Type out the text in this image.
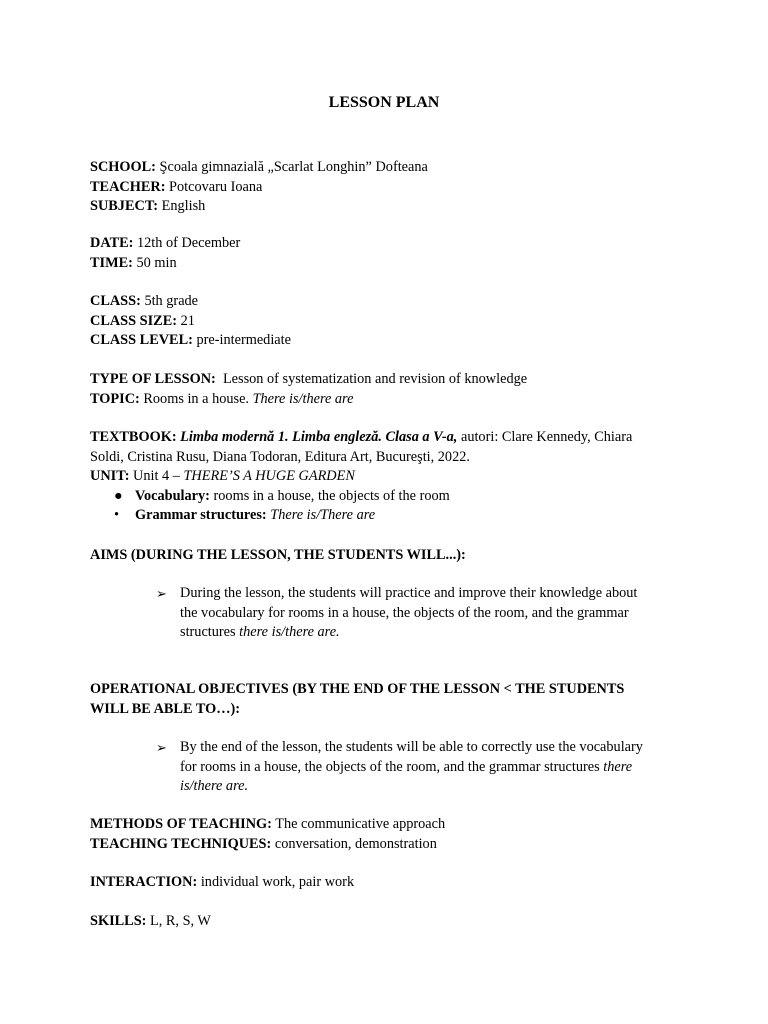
LESSON PLAN
SCHOOL: Şcoala gimnazială „Scarlat Longhin” Dofteana
TEACHER: Potcovaru Ioana
SUBJECT: English
DATE: 12th of December
TIME: 50 min
CLASS: 5th grade
CLASS SIZE: 21
CLASS LEVEL: pre-intermediate
TYPE OF LESSON: Lesson of systematization and revision of knowledge
TOPIC: Rooms in a house. There is/there are
TEXTBOOK: Limba modernă 1. Limba engleză. Clasa a V-a, autori: Clare Kennedy, Chiara
Soldi, Cristina Rusu, Diana Todoran, Editura Art, Bucureşti, 2022.
UNIT: Unit 4 – THERE’S A HUGE GARDEN
● Vocabulary: rooms in a house, the objects of the room
• Grammar structures: There is/There are
AIMS (DURING THE LESSON, THE STUDENTS WILL...):
➢ During the lesson, the students will practice and improve their knowledge about
the vocabulary for rooms in a house, the objects of the room, and the grammar
structures there is/there are.
OPERATIONAL OBJECTIVES (BY THE END OF THE LESSON < THE STUDENTS
WILL BE ABLE TO…):
➢ By the end of the lesson, the students will be able to correctly use the vocabulary
for rooms in a house, the objects of the room, and the grammar structures there
is/there are.
METHODS OF TEACHING: The communicative approach
TEACHING TECHNIQUES: conversation, demonstration
INTERACTION: individual work, pair work
SKILLS: L, R, S, W
